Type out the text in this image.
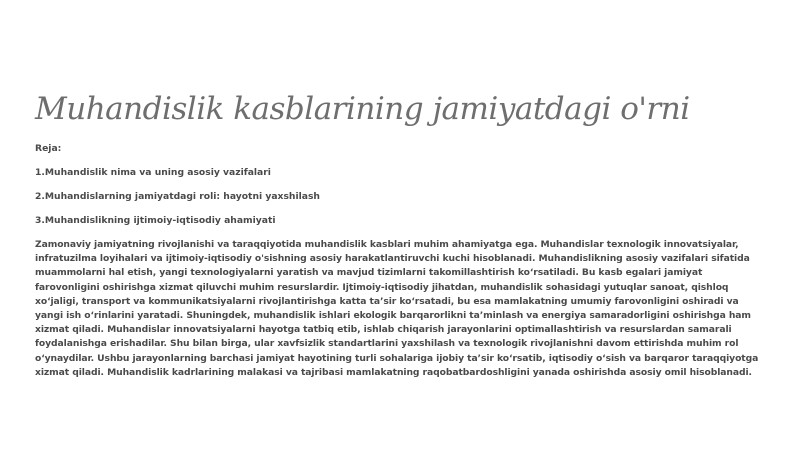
Muhandislik kasblarining jamiyatdagi o'rni

Reja:

1.Muhandislik nima va uning asosiy vazifalari

2.Muhandislarning jamiyatdagi roli: hayotni yaxshilash

3.Muhandislikning ijtimoiy-iqtisodiy ahamiyati

Zamonaviy jamiyatning rivojlanishi va taraqqiyotida muhandislik kasblari muhim ahamiyatga ega. Muhandislar texnologik innovatsiyalar, infratuzilma loyihalari va ijtimoiy-iqtisodiy o'sishning asosiy harakatlantiruvchi kuchi hisoblanadi. Muhandislikning asosiy vazifalari sifatida muammolarni hal etish, yangi texnologiyalarni yaratish va mavjud tizimlarni takomillashtirish ko‘rsatiladi. Bu kasb egalari jamiyat farovonligini oshirishga xizmat qiluvchi muhim resurslardir. Ijtimoiy-iqtisodiy jihatdan, muhandislik sohasidagi yutuqlar sanoat, qishloq xo‘jaligi, transport va kommunikatsiyalarni rivojlantirishga katta ta’sir ko‘rsatadi, bu esa mamlakatning umumiy farovonligini oshiradi va yangi ish o‘rinlarini yaratadi. Shuningdek, muhandislik ishlari ekologik barqarorlikni ta’minlash va energiya samaradorligini oshirishga ham xizmat qiladi. Muhandislar innovatsiyalarni hayotga tatbiq etib, ishlab chiqarish jarayonlarini optimallashtirish va resurslardan samarali foydalanishga erishadilar. Shu bilan birga, ular xavfsizlik standartlarini yaxshilash va texnologik rivojlanishni davom ettirishda muhim rol o‘ynaydilar. Ushbu jarayonlarning barchasi jamiyat hayotining turli sohalariga ijobiy ta’sir ko‘rsatib, iqtisodiy o‘sish va barqaror taraqqiyotga xizmat qiladi. Muhandislik kadrlarining malakasi va tajribasi mamlakatning raqobatbardoshligini yanada oshirishda asosiy omil hisoblanadi.
